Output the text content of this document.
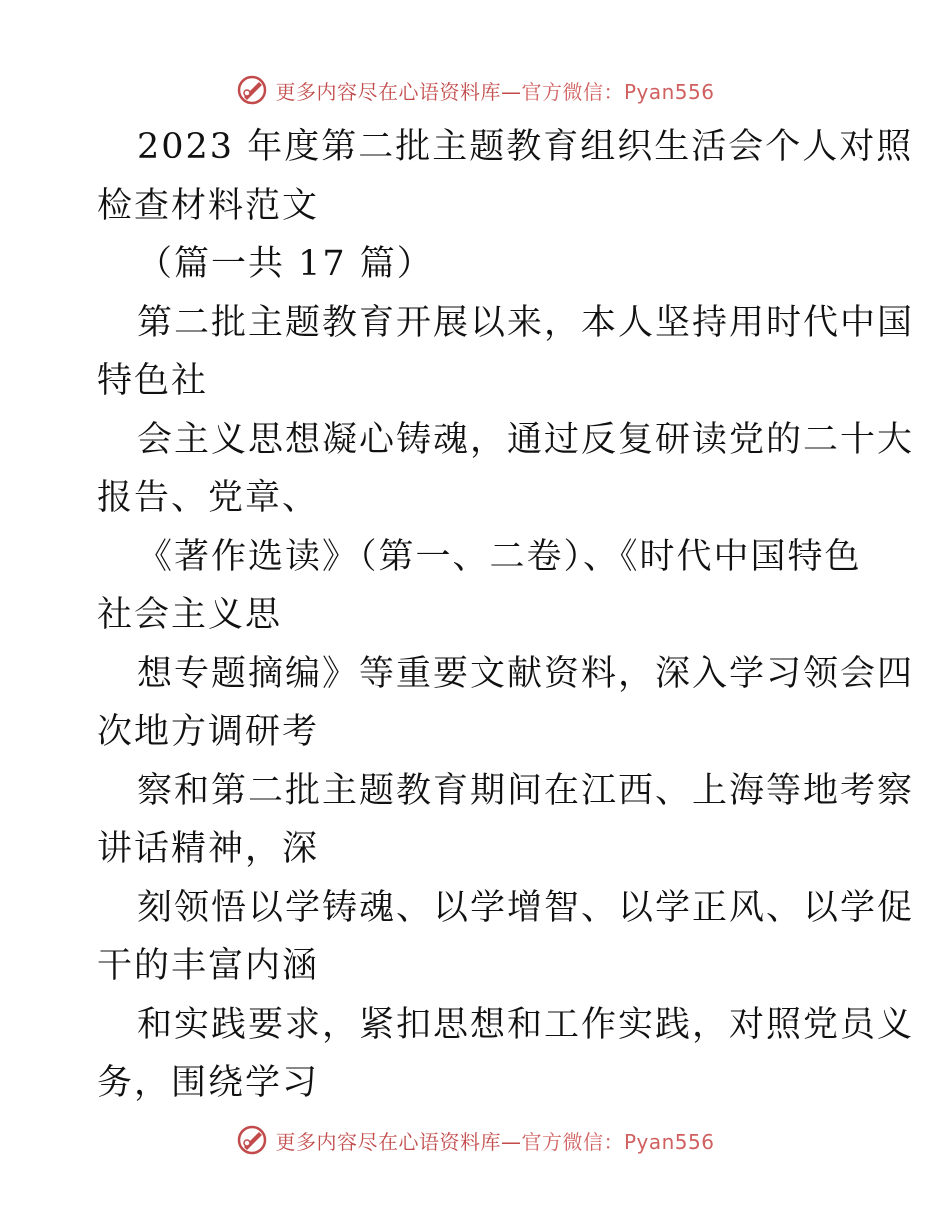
更多内容尽在心语资料库—官方微信：Pyan556
2023 年度第二批主题教育组织生活会个人对照
检查材料范文
（篇一共 17 篇）
第二批主题教育开展以来，本人坚持用时代中国
特色社
会主义思想凝心铸魂，通过反复研读党的二十大
报告、党章、
《著作选读》（第一、二卷）、《时代中国特色
社会主义思
想专题摘编》等重要文献资料，深入学习领会四
次地方调研考
察和第二批主题教育期间在江西、上海等地考察
讲话精神，深
刻领悟以学铸魂、以学增智、以学正风、以学促
干的丰富内涵
和实践要求，紧扣思想和工作实践，对照党员义
务，围绕学习
更多内容尽在心语资料库—官方微信：Pyan556
